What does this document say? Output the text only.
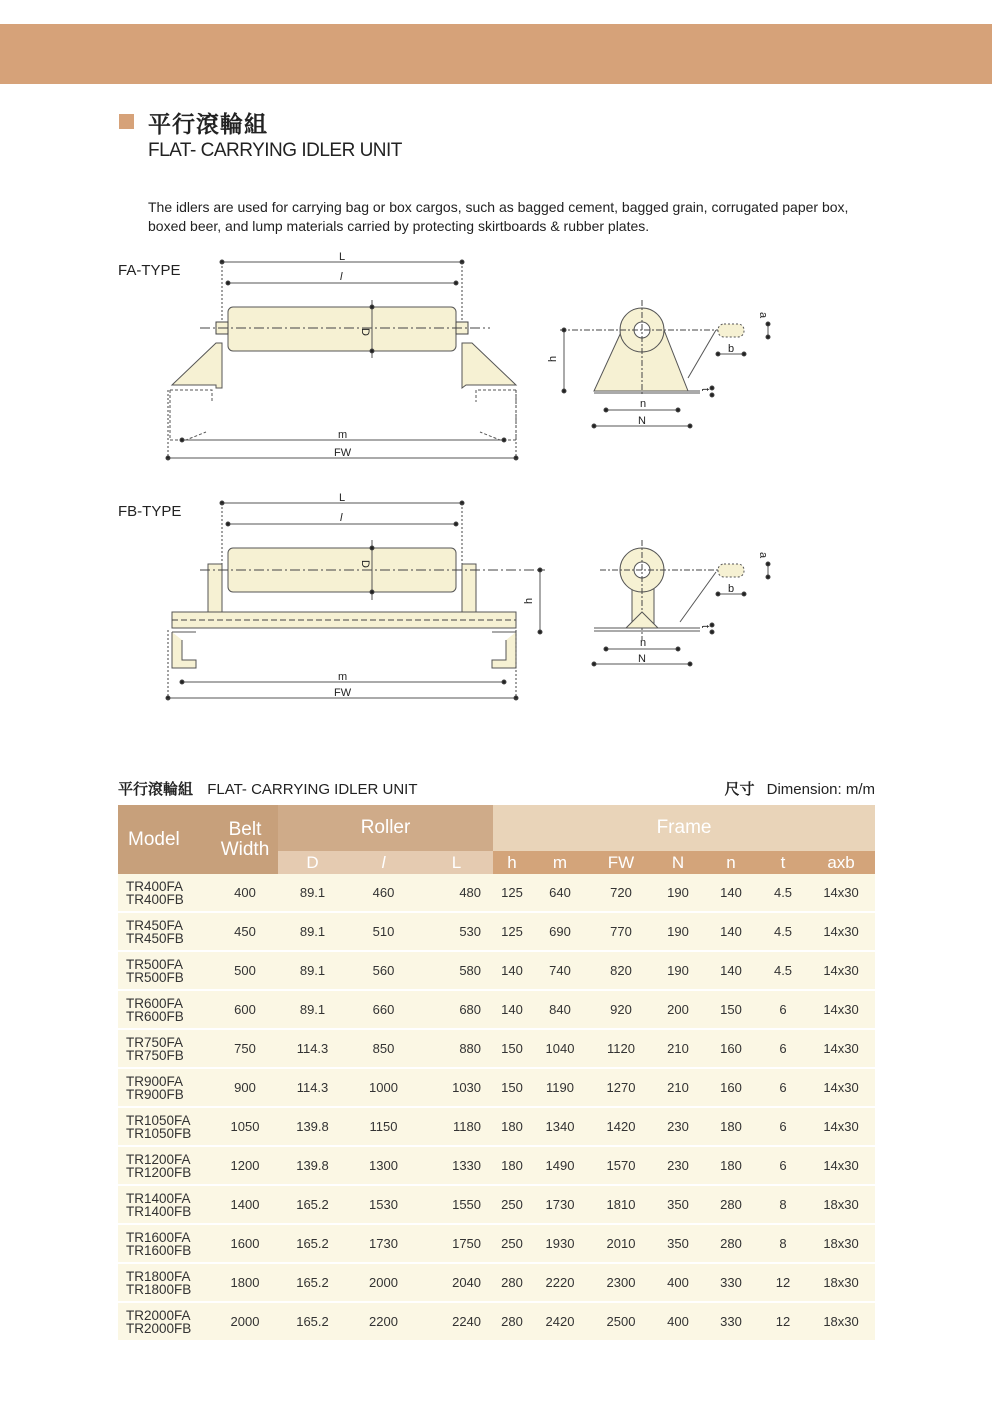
平行滾輪組
FLAT- CARRYING IDLER UNIT
The idlers are used for carrying bag or box cargos, such as bagged cement, bagged grain, corrugated paper box, boxed beer, and lump materials carried by protecting skirtboards & rubber plates.
FA-TYPE
FB-TYPE
L
l
D
m
FW
h
n
N
t
b
a
L
l
D
h
m
FW
n
N
t
b
a
平行滾輪組 FLAT- CARRYING IDLER UNIT	尺寸 Dimension: m/m
Model	Belt Width	Roller			Frame						
		D	l	L	h	m	FW	N	n	t	axb

TR400FA
TR400FB	400	89.1	460	480	125	640	720	190	140	4.5	14x30

TR450FA
TR450FB	450	89.1	510	530	125	690	770	190	140	4.5	14x30

TR500FA
TR500FB	500	89.1	560	580	140	740	820	190	140	4.5	14x30

TR600FA
TR600FB	600	89.1	660	680	140	840	920	200	150	6	14x30

TR750FA
TR750FB	750	114.3	850	880	150	1040	1120	210	160	6	14x30

TR900FA
TR900FB	900	114.3	1000	1030	150	1190	1270	210	160	6	14x30

TR1050FA
TR1050FB	1050	139.8	1150	1180	180	1340	1420	230	180	6	14x30

TR1200FA
TR1200FB	1200	139.8	1300	1330	180	1490	1570	230	180	6	14x30

TR1400FA
TR1400FB	1400	165.2	1530	1550	250	1730	1810	350	280	8	18x30

TR1600FA
TR1600FB	1600	165.2	1730	1750	250	1930	2010	350	280	8	18x30

TR1800FA
TR1800FB	1800	165.2	2000	2040	280	2220	2300	400	330	12	18x30

TR2000FA
TR2000FB	2000	165.2	2200	2240	280	2420	2500	400	330	12	18x30
